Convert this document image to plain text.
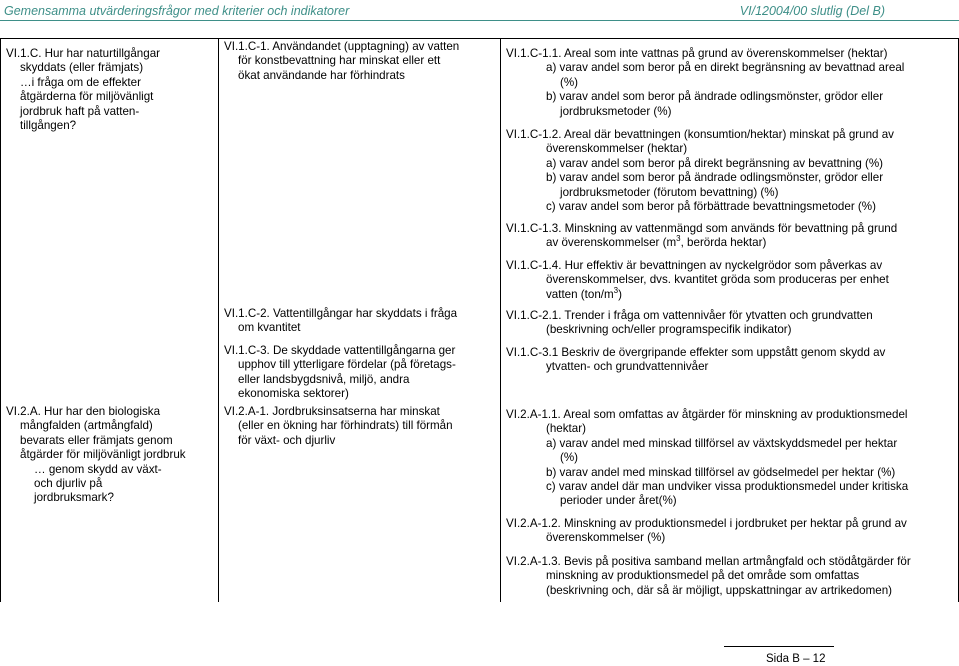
Gemensamma utvärderingsfrågor med kriterier och indikatorer	VI/12004/00 slutlig (Del B)
VI.1.C. Hur har naturtillgångar
skyddats (eller främjats)
…i fråga om de effekter
åtgärderna för miljövänligt
jordbruk haft på vatten-
tillgången?
VI.2.A. Hur har den biologiska
mångfalden (artmångfald)
bevarats eller främjats genom
åtgärder för miljövänligt jordbruk
… genom skydd av växt-
och djurliv på
jordbruksmark?
VI.1.C-1. Användandet (upptagning) av vatten
för konstbevattning har minskat eller ett
ökat användande har förhindrats
VI.1.C-2. Vattentillgångar har skyddats i fråga
om kvantitet
VI.1.C-3. De skyddade vattentillgångarna ger
upphov till ytterligare fördelar (på företags-
eller landsbygdsnivå, miljö, andra
ekonomiska sektorer)
VI.2.A-1. Jordbruksinsatserna har minskat
(eller en ökning har förhindrats) till förmån
för växt- och djurliv
VI.1.C-1.1. Areal som inte vattnas på grund av överenskommelser (hektar)
a) varav andel som beror på en direkt begränsning av bevattnad areal
(%)
b) varav andel som beror på ändrade odlingsmönster, grödor eller
jordbruksmetoder (%)
VI.1.C-1.2. Areal där bevattningen (konsumtion/hektar) minskat på grund av
överenskommelser (hektar)
a) varav andel som beror på direkt begränsning av bevattning (%)
b) varav andel som beror på ändrade odlingsmönster, grödor eller
jordbruksmetoder (förutom bevattning) (%)
c) varav andel som beror på förbättrade bevattningsmetoder (%)
VI.1.C-1.3. Minskning av vattenmängd som används för bevattning på grund
av överenskommelser ($m^3$, berörda hektar)
VI.1.C-1.4. Hur effektiv är bevattningen av nyckelgrödor som påverkas av
överenskommelser, dvs. kvantitet gröda som produceras per enhet
vatten $(ton/m^3)$
VI.1.C-2.1. Trender i fråga om vattennivåer för ytvatten och grundvatten
(beskrivning och/eller programspecifik indikator)
VI.1.C-3.1 Beskriv de övergripande effekter som uppstått genom skydd av
ytvatten- och grundvattennivåer
VI.2.A-1.1. Areal som omfattas av åtgärder för minskning av produktionsmedel
(hektar)
a) varav andel med minskad tillförsel av växtskyddsmedel per hektar
(%)
b) varav andel med minskad tillförsel av gödselmedel per hektar (%)
c) varav andel där man undviker vissa produktionsmedel under kritiska
perioder under året(%)
VI.2.A-1.2. Minskning av produktionsmedel i jordbruket per hektar på grund av
överenskommelser (%)
VI.2.A-1.3. Bevis på positiva samband mellan artmångfald och stödåtgärder för
minskning av produktionsmedel på det område som omfattas
(beskrivning och, där så är möjligt, uppskattningar av artrikedomen)
Sida B – 12
